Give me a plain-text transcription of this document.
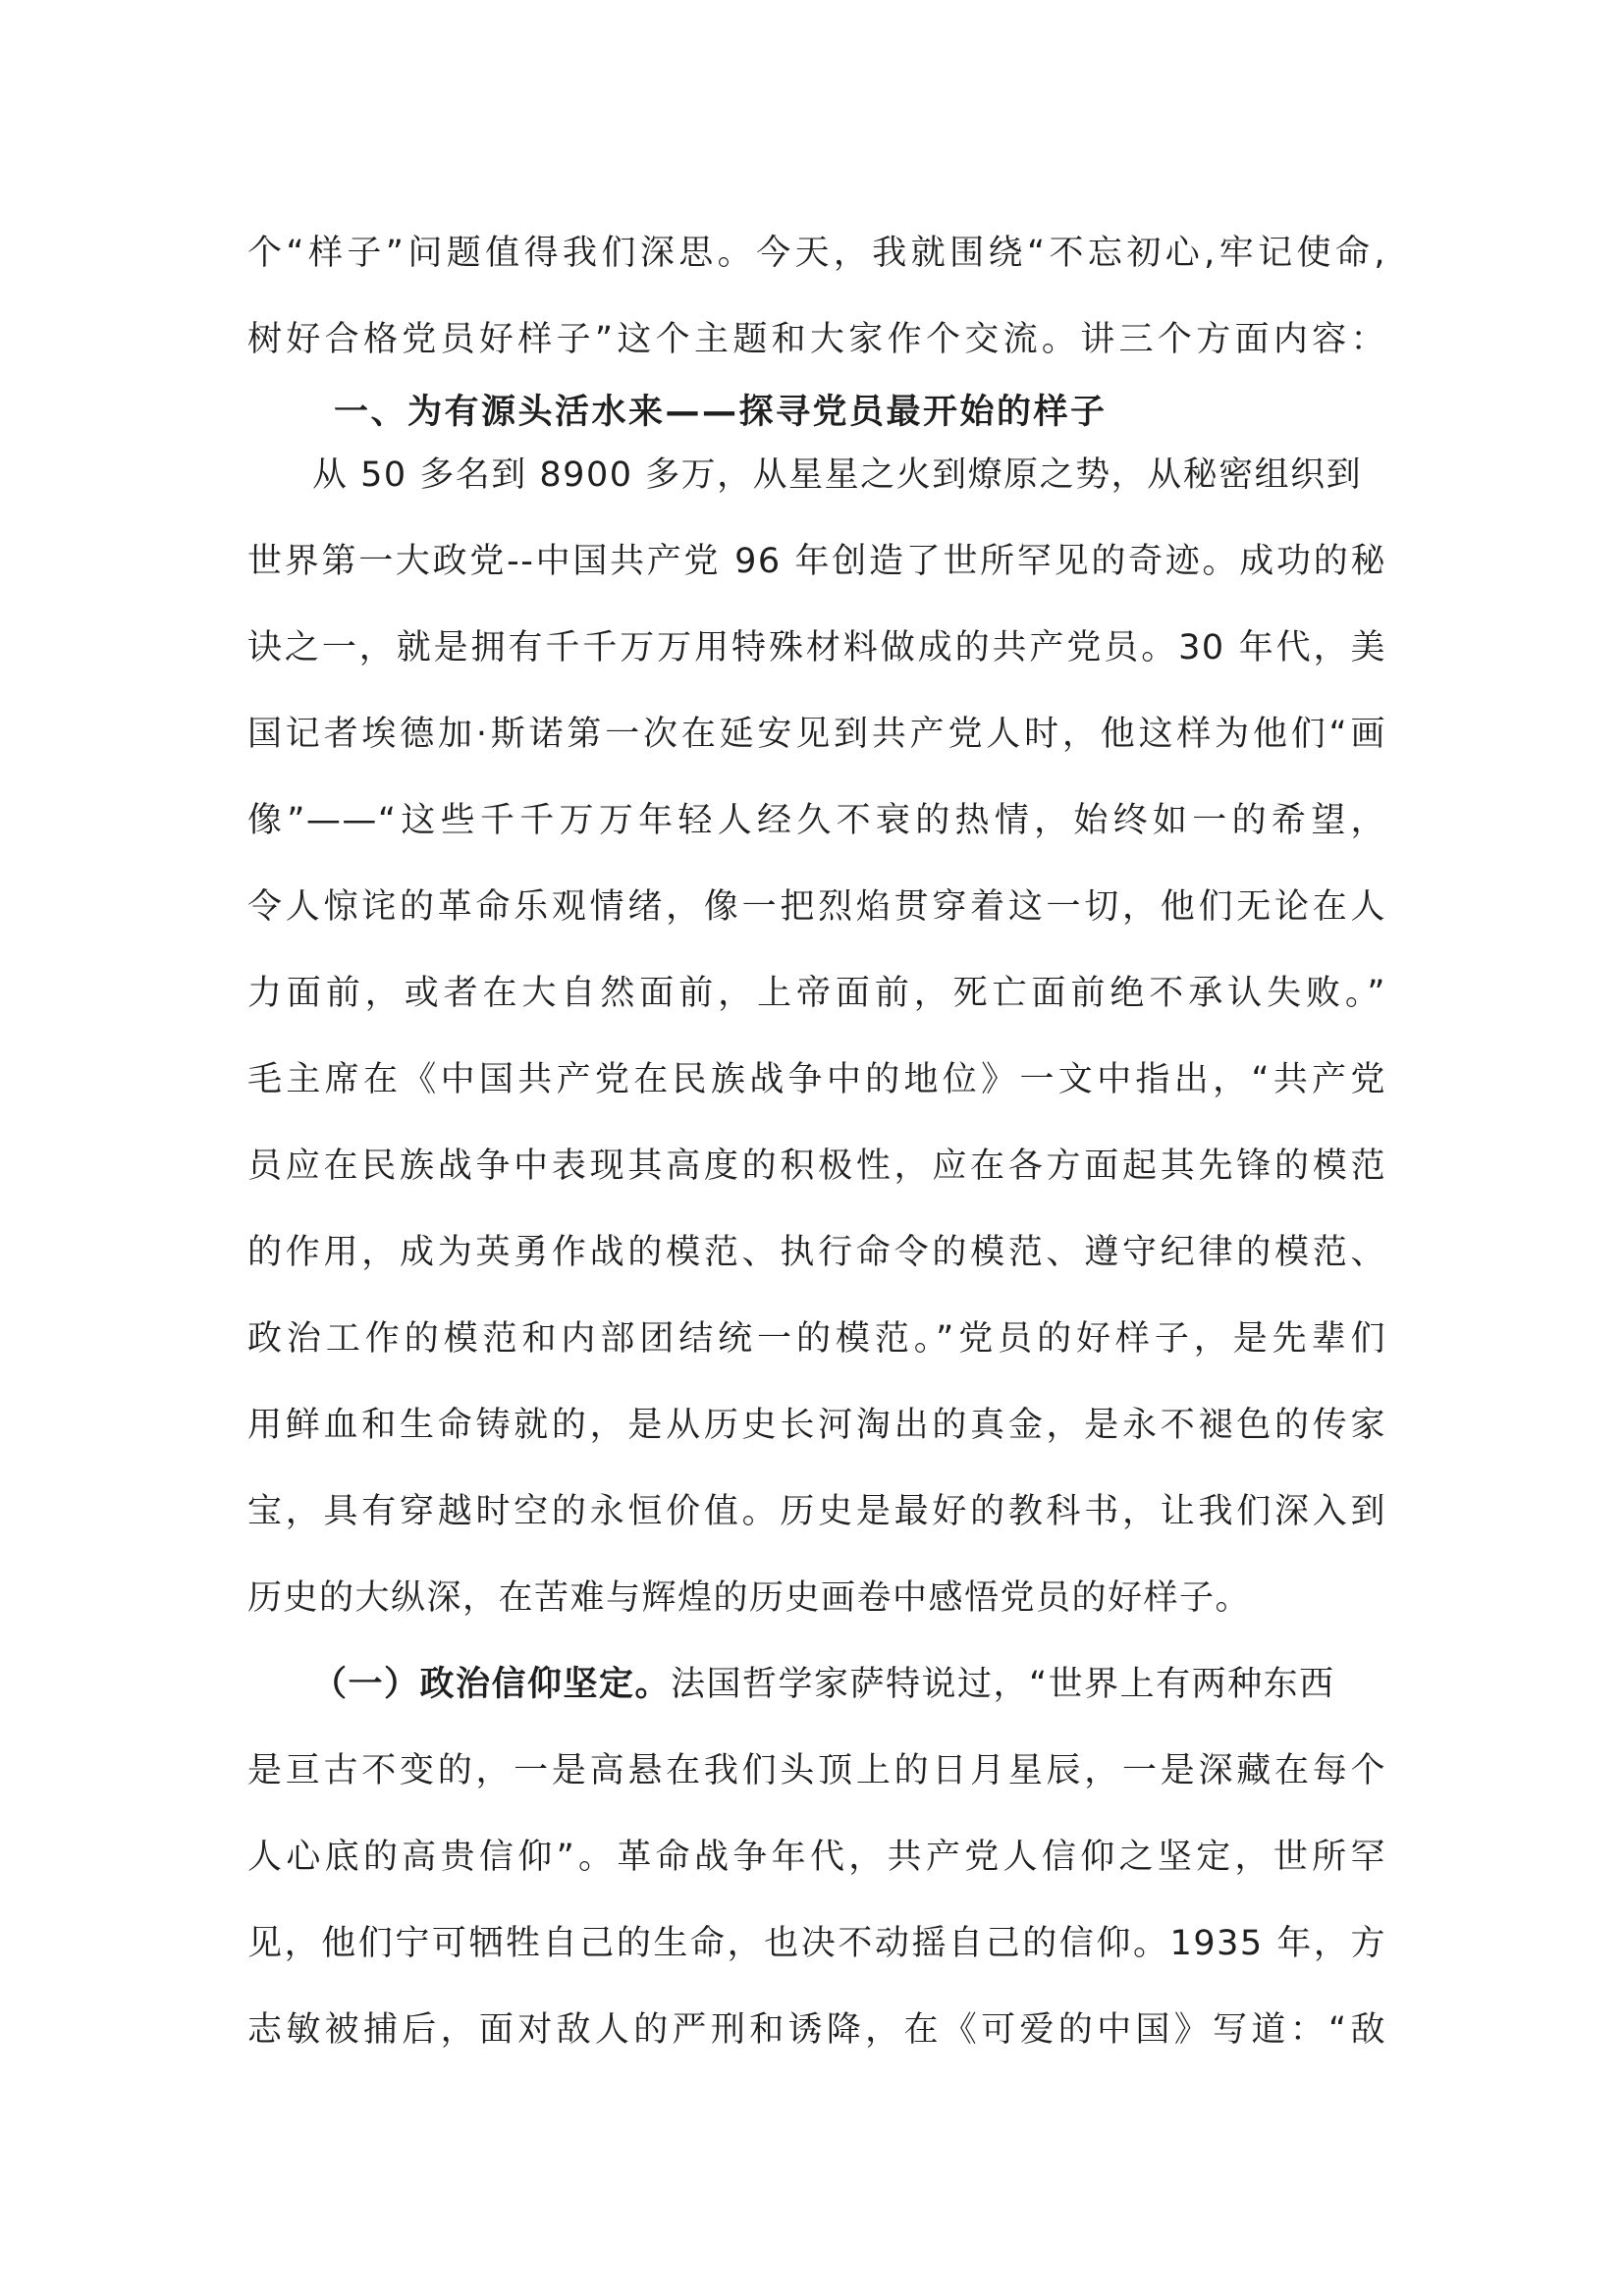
个“样子”问题值得我们深思。今天，我就围绕“不忘初心,牢记使命,
树好合格党员好样子”这个主题和大家作个交流。讲三个方面内容：
一、为有源头活水来——探寻党员最开始的样子
从 50 多名到 8900 多万，从星星之火到燎原之势，从秘密组织到
世界第一大政党--中国共产党 96 年创造了世所罕见的奇迹。成功的秘
诀之一，就是拥有千千万万用特殊材料做成的共产党员。30 年代，美
国记者埃德加·斯诺第一次在延安见到共产党人时，他这样为他们“画
像”——“这些千千万万年轻人经久不衰的热情，始终如一的希望，
令人惊诧的革命乐观情绪，像一把烈焰贯穿着这一切，他们无论在人
力面前，或者在大自然面前，上帝面前，死亡面前绝不承认失败。”
毛主席在《中国共产党在民族战争中的地位》一文中指出，“共产党
员应在民族战争中表现其高度的积极性，应在各方面起其先锋的模范
的作用，成为英勇作战的模范、执行命令的模范、遵守纪律的模范、
政治工作的模范和内部团结统一的模范。”党员的好样子，是先辈们
用鲜血和生命铸就的，是从历史长河淘出的真金，是永不褪色的传家
宝，具有穿越时空的永恒价值。历史是最好的教科书，让我们深入到
历史的大纵深，在苦难与辉煌的历史画卷中感悟党员的好样子。
（一）政治信仰坚定。法国哲学家萨特说过，“世界上有两种东西
是亘古不变的，一是高悬在我们头顶上的日月星辰，一是深藏在每个
人心底的高贵信仰”。革命战争年代，共产党人信仰之坚定，世所罕
见，他们宁可牺牲自己的生命，也决不动摇自己的信仰。1935 年，方
志敏被捕后，面对敌人的严刑和诱降，在《可爱的中国》写道：“敌
